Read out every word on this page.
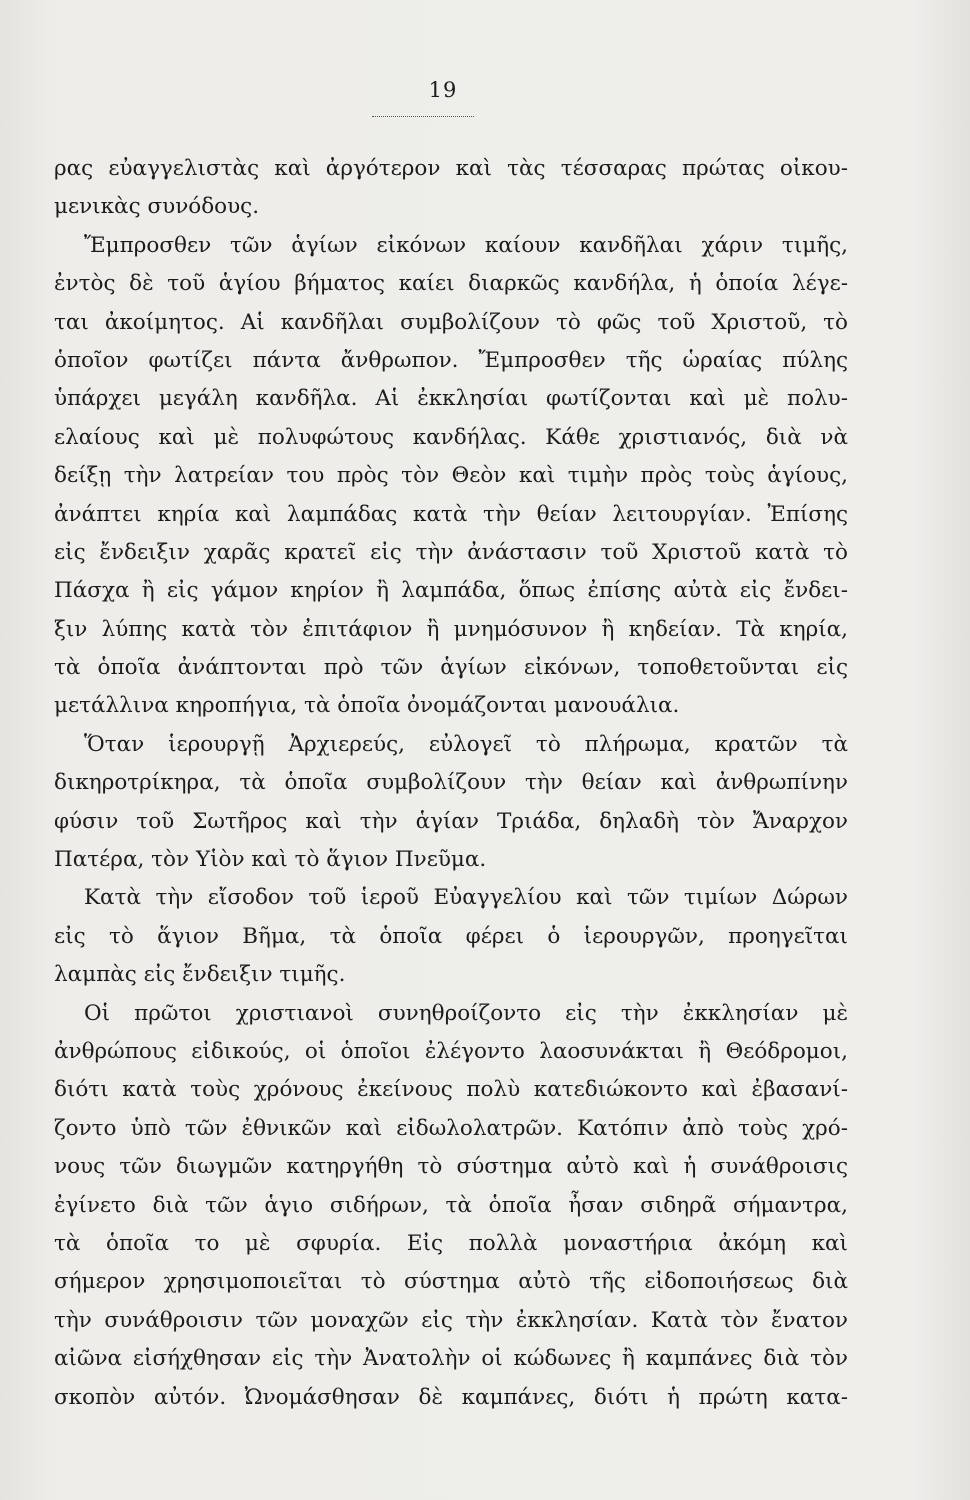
19
ρας εὐαγγελιστὰς καὶ ἀργότερον καὶ τὰς τέσσαρας πρώτας οἰκου-
μενικὰς συνόδους.
Ἔμπροσθεν τῶν ἁγίων εἰκόνων καίουν κανδῆλαι χάριν τιμῆς,
ἐντὸς δὲ τοῦ ἁγίου βήματος καίει διαρκῶς κανδήλα, ἡ ὁποία λέγε-
ται ἀκοίμητος. Αἱ κανδῆλαι συμβολίζουν τὸ φῶς τοῦ Χριστοῦ, τὸ
ὁποῖον φωτίζει πάντα ἄνθρωπον. Ἔμπροσθεν τῆς ὡραίας πύλης
ὑπάρχει μεγάλη κανδῆλα. Αἱ ἐκκλησίαι φωτίζονται καὶ μὲ πολυ-
ελαίους καὶ μὲ πολυφώτους κανδήλας. Κάθε χριστιανός, διὰ νὰ
δείξῃ τὴν λατρείαν του πρὸς τὸν Θεὸν καὶ τιμὴν πρὸς τοὺς ἁγίους,
ἀνάπτει κηρία καὶ λαμπάδας κατὰ τὴν θείαν λειτουργίαν. Ἐπίσης
εἰς ἔνδειξιν χαρᾶς κρατεῖ εἰς τὴν ἀνάστασιν τοῦ Χριστοῦ κατὰ τὸ
Πάσχα ἢ εἰς γάμον κηρίον ἢ λαμπάδα, ὅπως ἐπίσης αὐτὰ εἰς ἔνδει-
ξιν λύπης κατὰ τὸν ἐπιτάφιον ἢ μνημόσυνον ἢ κηδείαν. Τὰ κηρία,
τὰ ὁποῖα ἀνάπτονται πρὸ τῶν ἁγίων εἰκόνων, τοποθετοῦνται εἰς
μετάλλινα κηροπήγια, τὰ ὁποῖα ὀνομάζονται μανουάλια.
Ὅταν ἱερουργῇ Ἀρχιερεύς, εὐλογεῖ τὸ πλήρωμα, κρατῶν τὰ
δικηροτρίκηρα, τὰ ὁποῖα συμβολίζουν τὴν θείαν καὶ ἀνθρωπίνην
φύσιν τοῦ Σωτῆρος καὶ τὴν ἁγίαν Τριάδα, δηλαδὴ τὸν Ἄναρχον
Πατέρα, τὸν Υἱὸν καὶ τὸ ἅγιον Πνεῦμα.
Κατὰ τὴν εἴσοδον τοῦ ἱεροῦ Εὐαγγελίου καὶ τῶν τιμίων Δώρων
εἰς τὸ ἅγιον Βῆμα, τὰ ὁποῖα φέρει ὁ ἱερουργῶν, προηγεῖται
λαμπὰς εἰς ἔνδειξιν τιμῆς.
Οἱ πρῶτοι χριστιανοὶ συνηθροίζοντο εἰς τὴν ἐκκλησίαν μὲ
ἀνθρώπους εἰδικούς, οἱ ὁποῖοι ἐλέγοντο λαοσυνάκται ἢ Θεόδρομοι,
διότι κατὰ τοὺς χρόνους ἐκείνους πολὺ κατεδιώκοντο καὶ ἐβασανί-
ζοντο ὑπὸ τῶν ἐθνικῶν καὶ εἰδωλολατρῶν. Κατόπιν ἀπὸ τοὺς χρό-
νους τῶν διωγμῶν κατηργήθη τὸ σύστημα αὐτὸ καὶ ἡ συνάθροισις
ἐγίνετο διὰ τῶν ἁγιο σιδήρων, τὰ ὁποῖα ἦσαν σιδηρᾶ σήμαντρα,
τὰ ὁποῖα το μὲ σφυρία. Εἰς πολλὰ μοναστήρια ἀκόμη καὶ
σήμερον χρησιμοποιεῖται τὸ σύστημα αὐτὸ τῆς εἰδοποιήσεως διὰ
τὴν συνάθροισιν τῶν μοναχῶν εἰς τὴν ἐκκλησίαν. Κατὰ τὸν ἔνατον
αἰῶνα εἰσήχθησαν εἰς τὴν Ἀνατολὴν οἱ κώδωνες ἢ καμπάνες διὰ τὸν
σκοπὸν αὐτόν. Ὠνομάσθησαν δὲ καμπάνες, διότι ἡ πρώτη κατα-
